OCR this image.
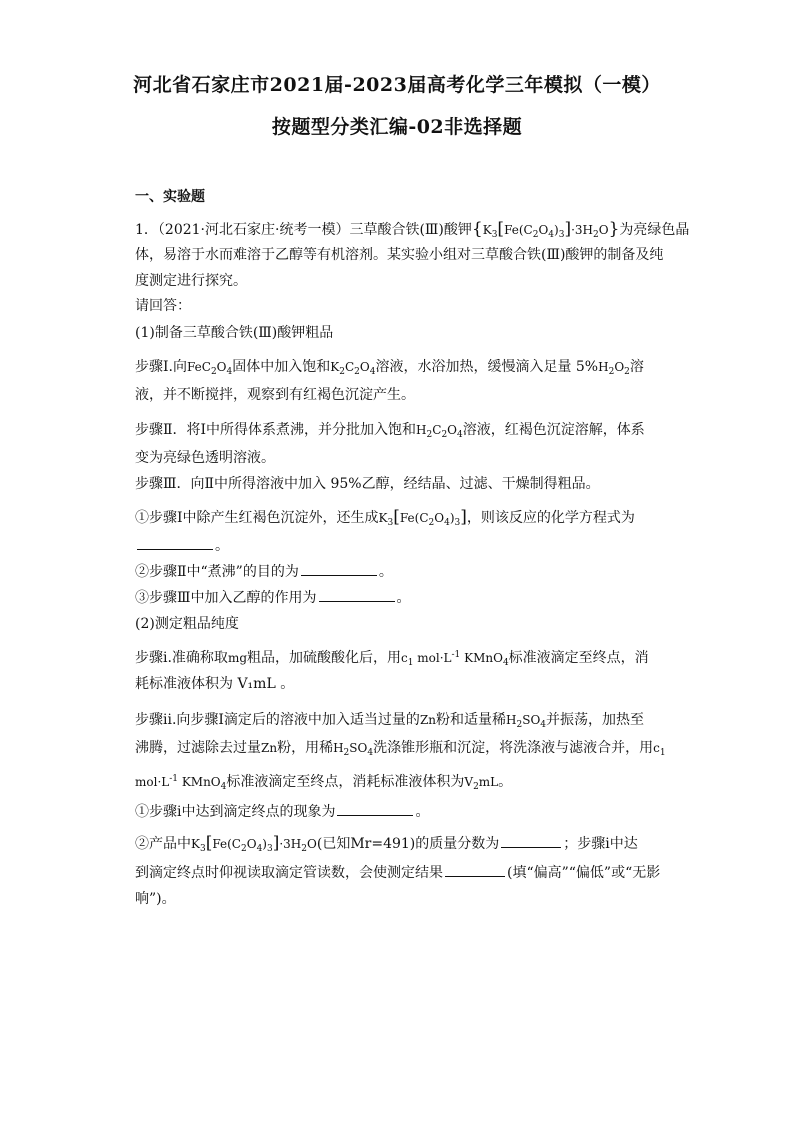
河北省石家庄市2021届-2023届高考化学三年模拟（一模）
按题型分类汇编-02非选择题
一、实验题
1．（2021·河北石家庄·统考一模）三草酸合铁(Ⅲ)酸钾$\{K_3[Fe(C_2O_4)_3]\cdot 3H_2O\}$为亮绿色晶
体，易溶于水而难溶于乙醇等有机溶剂。某实验小组对三草酸合铁(Ⅲ)酸钾的制备及纯
度测定进行探究。
请回答：
(1)制备三草酸合铁(Ⅲ)酸钾粗品
步骤Ⅰ.向$FeC_2O_4$固体中加入饱和$K_2C_2O_4$溶液，水浴加热，缓慢滴入足量 $5\%H_2O_2$溶
液，并不断搅拌，观察到有红褐色沉淀产生。
步骤Ⅱ．将Ⅰ中所得体系煮沸，并分批加入饱和$H_2C_2O_4$溶液，红褐色沉淀溶解，体系
变为亮绿色透明溶液。
步骤Ⅲ．向Ⅱ中所得溶液中加入 95%乙醇，经结晶、过滤、干燥制得粗品。
①步骤Ⅰ中除产生红褐色沉淀外，还生成$K_3[Fe(C_2O_4)_3]$，则该反应的化学方程式为
。
②步骤Ⅱ中“煮沸”的目的为	。
③步骤Ⅲ中加入乙醇的作用为	。
(2)测定粗品纯度
步骤ⅰ.准确称取mg粗品，加硫酸酸化后，用$c_1$ $mol\cdot L^{-1}$ KMnO$_4$标准液滴定至终点，消
耗标准液体积为 V₁mL 。
步骤ⅱ.向步骤Ⅰ滴定后的溶液中加入适当过量的Zn粉和适量稀$H_2SO_4$并振荡，加热至
沸腾，过滤除去过量Zn粉，用稀$H_2SO_4$洗涤锥形瓶和沉淀，将洗涤液与滤液合并，用$c_1$
$mol\cdot L^{-1}$ KMnO$_4$标准液滴定至终点，消耗标准液体积为$V_2mL$。
①步骤ⅰ中达到滴定终点的现象为	。
②产品中$K_3[Fe(C_2O_4)_3]\cdot 3H_2O$(已知Mr=491)的质量分数为	；步骤ⅰ中达
到滴定终点时仰视读取滴定管读数，会使测定结果	(填“偏高”“偏低”或“无影
响”)。
